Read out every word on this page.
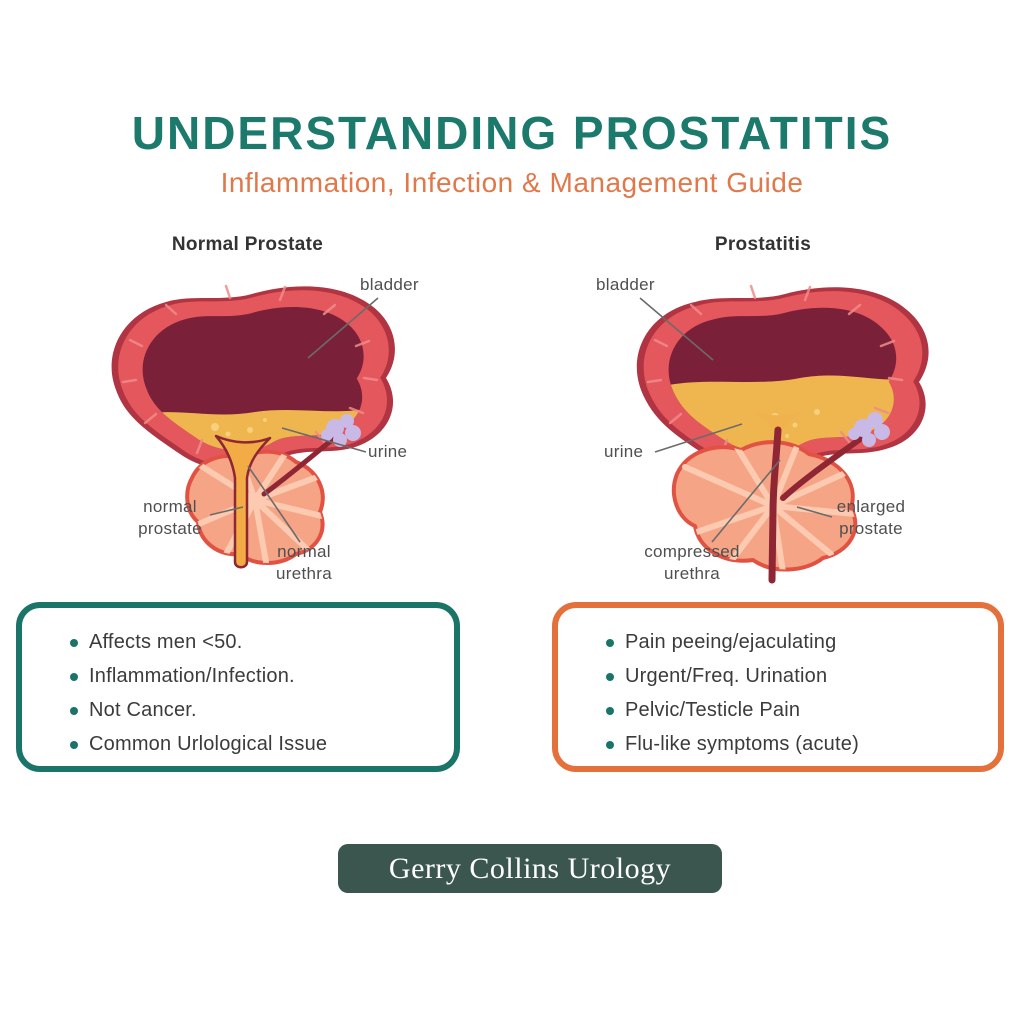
UNDERSTANDING PROSTATITIS
Inflammation, Infection & Management Guide
Normal Prostate	Prostatitis
bladder
urine
normal
prostate
normal
urethra
bladder
urine
compressed
urethra
enlarged
prostate
Affects men <50.
Inflammation/Infection.
Not Cancer.
Common Urlological Issue
Pain peeing/ejaculating
Urgent/Freq. Urination
Pelvic/Testicle Pain
Flu-like symptoms (acute)
Gerry Collins Urology
